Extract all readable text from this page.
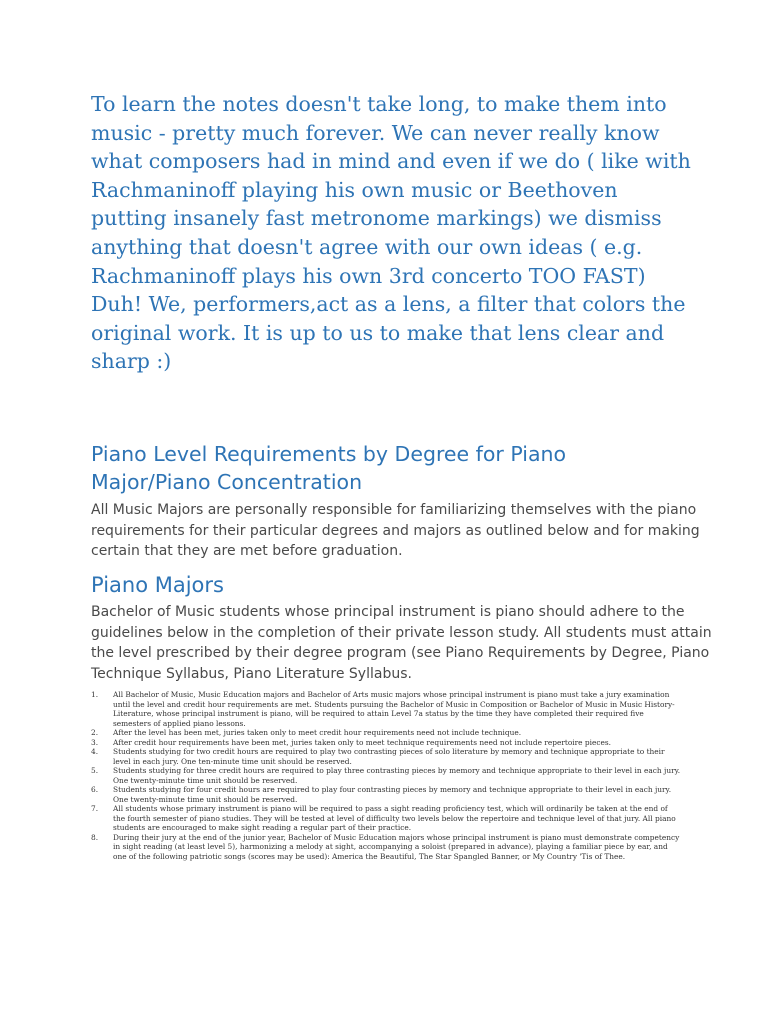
To learn the notes doesn't take long, to make them into music - pretty much forever. We can never really know what composers had in mind and even if we do ( like with Rachmaninoff playing his own music or Beethoven putting insanely fast metronome markings) we dismiss anything that doesn't agree with our own ideas ( e.g. Rachmaninoff plays his own 3rd concerto TOO FAST) Duh! We, performers,act as a lens, a filter that colors the original work. It is up to us to make that lens clear and sharp :)

Piano Level Requirements by Degree for Piano Major/Piano Concentration

All Music Majors are personally responsible for familiarizing themselves with the piano requirements for their particular degrees and majors as outlined below and for making certain that they are met before graduation.

Piano Majors

Bachelor of Music students whose principal instrument is piano should adhere to the guidelines below in the completion of their private lesson study. All students must attain the level prescribed by their degree program (see Piano Requirements by Degree, Piano Technique Syllabus, Piano Literature Syllabus.

1.	All Bachelor of Music, Music Education majors and Bachelor of Arts music majors whose principal instrument is piano must take a jury examination until the level and credit hour requirements are met. Students pursuing the Bachelor of Music in Composition or Bachelor of Music in Music History-Literature, whose principal instrument is piano, will be required to attain Level 7a status by the time they have completed their required five semesters of applied piano lessons.
2.	After the level has been met, juries taken only to meet credit hour requirements need not include technique.
3.	After credit hour requirements have been met, juries taken only to meet technique requirements need not include repertoire pieces.
4.	Students studying for two credit hours are required to play two contrasting pieces of solo literature by memory and technique appropriate to their level in each jury. One ten-minute time unit should be reserved.
5.	Students studying for three credit hours are required to play three contrasting pieces by memory and technique appropriate to their level in each jury. One twenty-minute time unit should be reserved.
6.	Students studying for four credit hours are required to play four contrasting pieces by memory and technique appropriate to their level in each jury. One twenty-minute time unit should be reserved.
7.	All students whose primary instrument is piano will be required to pass a sight reading proficiency test, which will ordinarily be taken at the end of the fourth semester of piano studies. They will be tested at level of difficulty two levels below the repertoire and technique level of that jury. All piano students are encouraged to make sight reading a regular part of their practice.
8.	During their jury at the end of the junior year, Bachelor of Music Education majors whose principal instrument is piano must demonstrate competency in sight reading (at least level 5), harmonizing a melody at sight, accompanying a soloist (prepared in advance), playing a familiar piece by ear, and one of the following patriotic songs (scores may be used): America the Beautiful, The Star Spangled Banner, or My Country 'Tis of Thee.
